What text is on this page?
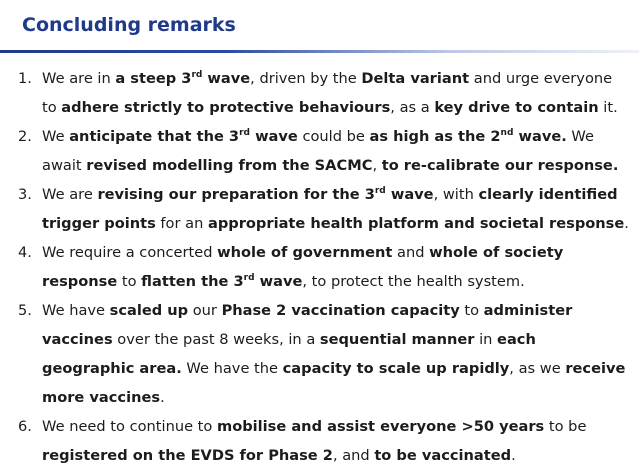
Concluding remarks
1. We are in a steep 3rd wave, driven by the Delta variant and urge everyone to adhere strictly to protective behaviours, as a key drive to contain it.
2. We anticipate that the 3rd wave could be as high as the 2nd wave. We await revised modelling from the SACMC, to re-calibrate our response.
3. We are revising our preparation for the 3rd wave, with clearly identified trigger points for an appropriate health platform and societal response.
4. We require a concerted whole of government and whole of society response to flatten the 3rd wave, to protect the health system.
5. We have scaled up our Phase 2 vaccination capacity to administer vaccines over the past 8 weeks, in a sequential manner in each geographic area. We have the capacity to scale up rapidly, as we receive more vaccines.
6. We need to continue to mobilise and assist everyone >50 years to be registered on the EVDS for Phase 2, and to be vaccinated.
